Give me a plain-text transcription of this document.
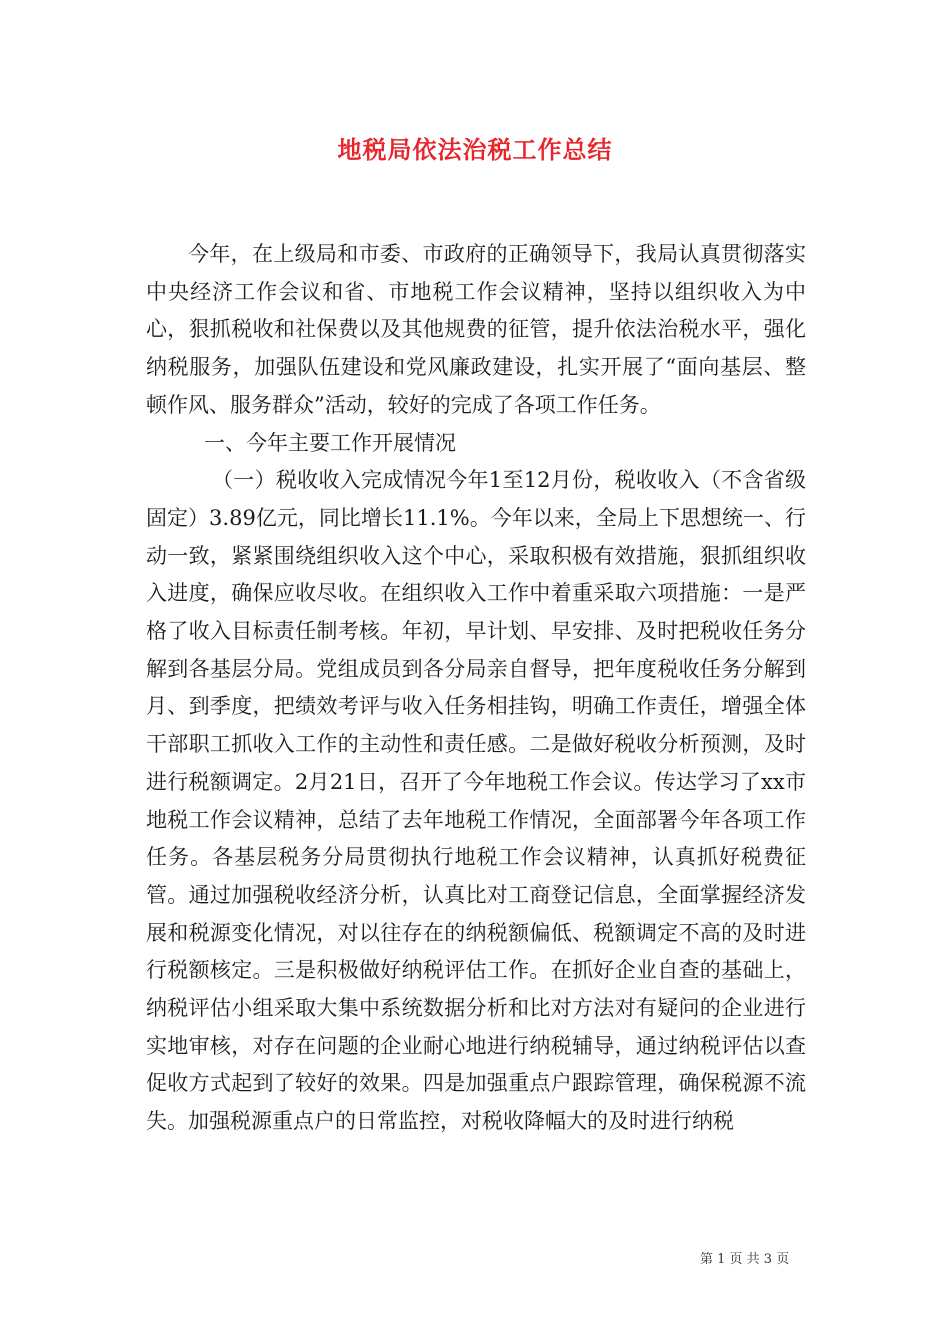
地税局依法治税工作总结

今年，在上级局和市委、市政府的正确领导下，我局认真贯彻落实中央经济工作会议和省、市地税工作会议精神，坚持以组织收入为中心，狠抓税收和社保费以及其他规费的征管，提升依法治税水平，强化纳税服务，加强队伍建设和党风廉政建设，扎实开展了“面向基层、整顿作风、服务群众”活动，较好的完成了各项工作任务。

一、今年主要工作开展情况

（一）税收收入完成情况今年1至12月份，税收收入（不含省级固定）3.89亿元，同比增长11.1%。今年以来，全局上下思想统一、行动一致，紧紧围绕组织收入这个中心，采取积极有效措施，狠抓组织收入进度，确保应收尽收。在组织收入工作中着重采取六项措施：一是严格了收入目标责任制考核。年初，早计划、早安排、及时把税收任务分解到各基层分局。党组成员到各分局亲自督导，把年度税收任务分解到月、到季度，把绩效考评与收入任务相挂钩，明确工作责任，增强全体干部职工抓收入工作的主动性和责任感。二是做好税收分析预测，及时进行税额调定。2月21日，召开了今年地税工作会议。传达学习了xx市地税工作会议精神，总结了去年地税工作情况，全面部署今年各项工作任务。各基层税务分局贯彻执行地税工作会议精神，认真抓好税费征管。通过加强税收经济分析，认真比对工商登记信息，全面掌握经济发展和税源变化情况，对以往存在的纳税额偏低、税额调定不高的及时进行税额核定。三是积极做好纳税评估工作。在抓好企业自查的基础上，纳税评估小组采取大集中系统数据分析和比对方法对有疑问的企业进行实地审核，对存在问题的企业耐心地进行纳税辅导，通过纳税评估以查促收方式起到了较好的效果。四是加强重点户跟踪管理，确保税源不流失。加强税源重点户的日常监控，对税收降幅大的及时进行纳税

第 1 页 共 3 页
